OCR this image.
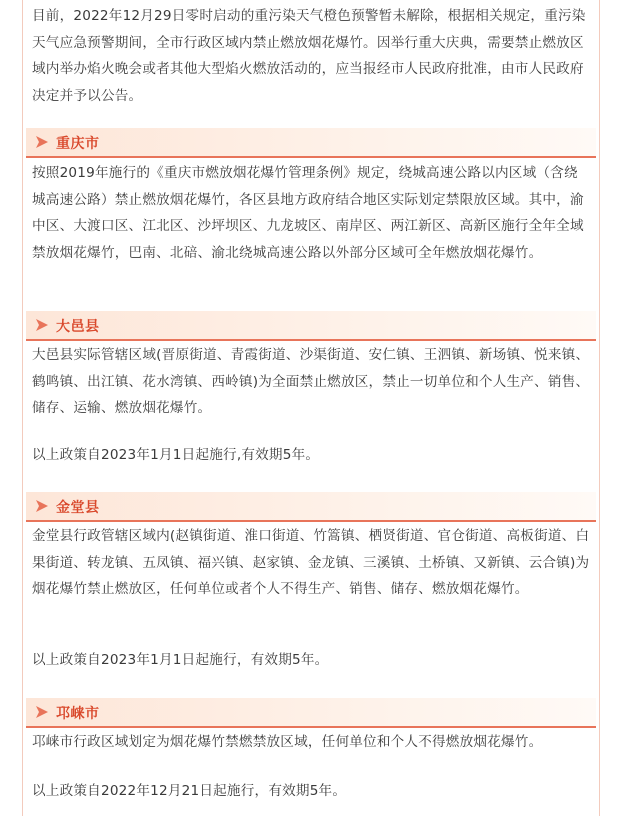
目前，2022年12月29日零时启动的重污染天气橙色预警暂未解除，根据相关规定，重污染天气应急预警期间，全市行政区域内禁止燃放烟花爆竹。因举行重大庆典，需要禁止燃放区域内举办焰火晚会或者其他大型焰火燃放活动的，应当报经市人民政府批准，由市人民政府决定并予以公告。

重庆市

按照2019年施行的《重庆市燃放烟花爆竹管理条例》规定，绕城高速公路以内区域（含绕城高速公路）禁止燃放烟花爆竹，各区县地方政府结合地区实际划定禁限放区域。其中，渝中区、大渡口区、江北区、沙坪坝区、九龙坡区、南岸区、两江新区、高新区施行全年全域禁放烟花爆竹，巴南、北碚、渝北绕城高速公路以外部分区域可全年燃放烟花爆竹。

大邑县

大邑县实际管辖区域(晋原街道、青霞街道、沙渠街道、安仁镇、王泗镇、新场镇、悦来镇、鹤鸣镇、出江镇、花水湾镇、西岭镇)为全面禁止燃放区，禁止一切单位和个人生产、销售、储存、运输、燃放烟花爆竹。

以上政策自2023年1月1日起施行,有效期5年。

金堂县

金堂县行政管辖区域内(赵镇街道、淮口街道、竹篙镇、栖贤街道、官仓街道、高板街道、白果街道、转龙镇、五凤镇、福兴镇、赵家镇、金龙镇、三溪镇、土桥镇、又新镇、云合镇)为烟花爆竹禁止燃放区，任何单位或者个人不得生产、销售、储存、燃放烟花爆竹。

以上政策自2023年1月1日起施行，有效期5年。

邛崃市

邛崃市行政区域划定为烟花爆竹禁燃禁放区域，任何单位和个人不得燃放烟花爆竹。

以上政策自2022年12月21日起施行，有效期5年。
